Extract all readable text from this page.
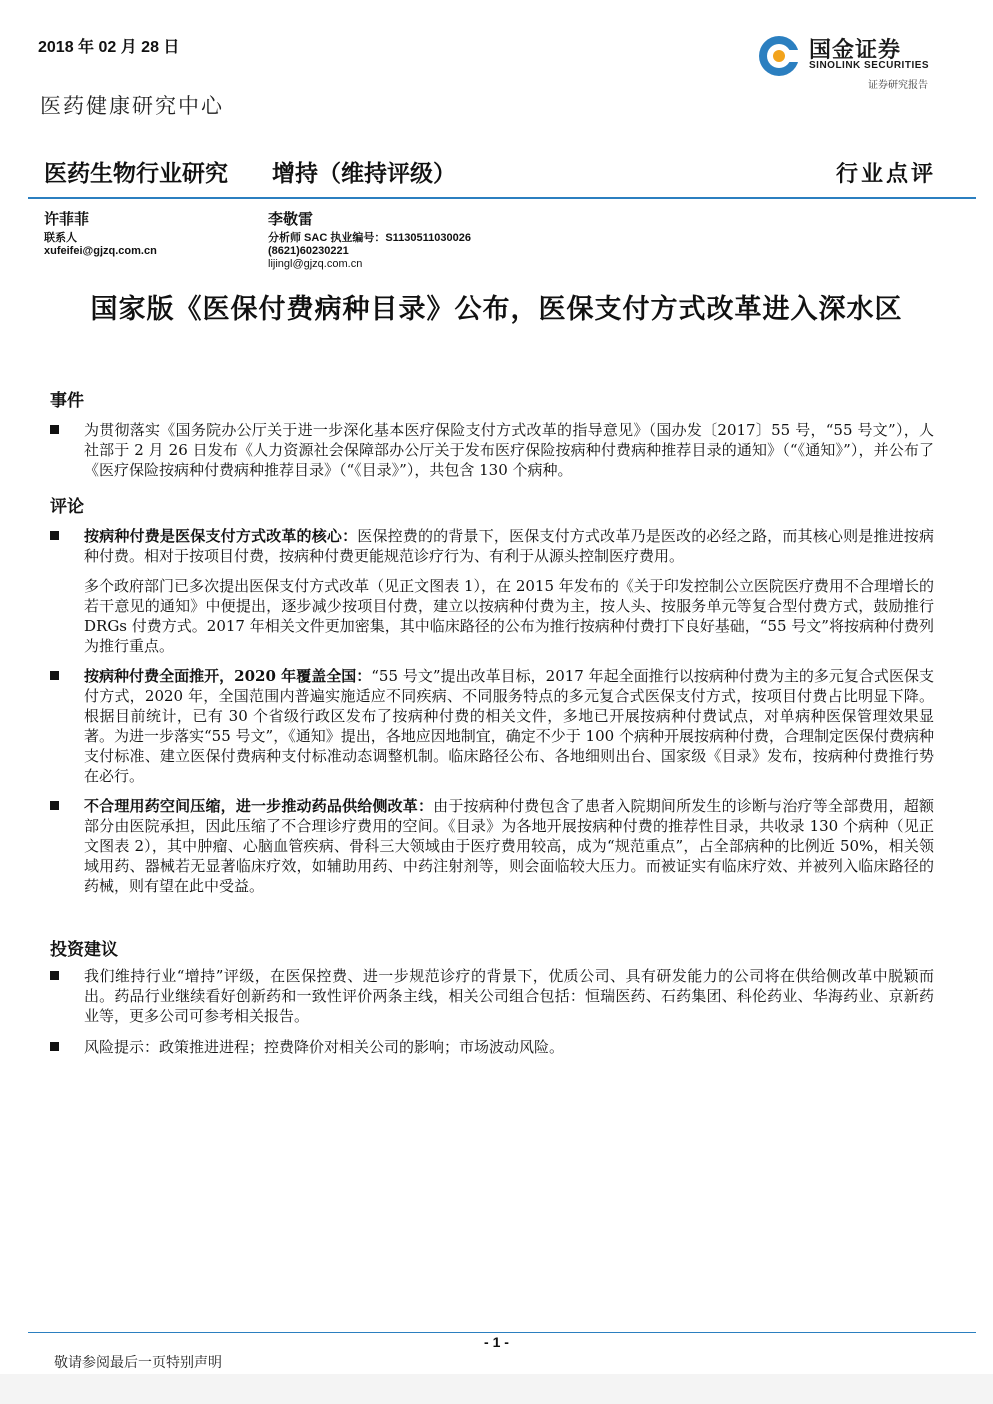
2018 年 02 月 28 日	国金证券
SINOLINK SECURITIES
证券研究报告
医药健康研究中心
医药生物行业研究 增持（维持评级）	行业点评
许菲菲
联系人
xufeifei@gjzq.com.cn
李敬雷
分析师 SAC 执业编号：S1130511030026
(8621)60230221
lijingl@gjzq.com.cn
国家版《医保付费病种目录》公布，医保支付方式改革进入深水区
事件
为贯彻落实《国务院办公厅关于进一步深化基本医疗保险支付方式改革的指导意见》（国办发〔2017〕55 号，“55 号文”），人社部于 2 月 26 日发布《人力资源社会保障部办公厅关于发布医疗保险按病种付费病种推荐目录的通知》（“《通知》”），并公布了《医疗保险按病种付费病种推荐目录》（“《目录》”），共包含 130 个病种。
评论
按病种付费是医保支付方式改革的核心：医保控费的的背景下，医保支付方式改革乃是医改的必经之路，而其核心则是推进按病种付费。相对于按项目付费，按病种付费更能规范诊疗行为、有利于从源头控制医疗费用。
多个政府部门已多次提出医保支付方式改革（见正文图表 1），在 2015 年发布的《关于印发控制公立医院医疗费用不合理增长的若干意见的通知》中便提出，逐步减少按项目付费，建立以按病种付费为主，按人头、按服务单元等复合型付费方式，鼓励推行 DRGs 付费方式。2017 年相关文件更加密集，其中临床路径的公布为推行按病种付费打下良好基础，“55 号文”将按病种付费列为推行重点。
按病种付费全面推开，2020 年覆盖全国：“55 号文”提出改革目标，2017 年起全面推行以按病种付费为主的多元复合式医保支付方式，2020 年，全国范围内普遍实施适应不同疾病、不同服务特点的多元复合式医保支付方式，按项目付费占比明显下降。根据目前统计，已有 30 个省级行政区发布了按病种付费的相关文件，多地已开展按病种付费试点，对单病种医保管理效果显著。为进一步落实“55 号文”，《通知》提出，各地应因地制宜，确定不少于 100 个病种开展按病种付费，合理制定医保付费病种支付标准、建立医保付费病种支付标准动态调整机制。临床路径公布、各地细则出台、国家级《目录》发布，按病种付费推行势在必行。
不合理用药空间压缩，进一步推动药品供给侧改革：由于按病种付费包含了患者入院期间所发生的诊断与治疗等全部费用，超额部分由医院承担，因此压缩了不合理诊疗费用的空间。《目录》为各地开展按病种付费的推荐性目录，共收录 130 个病种（见正文图表 2），其中肿瘤、心脑血管疾病、骨科三大领域由于医疗费用较高，成为“规范重点”，占全部病种的比例近 50%，相关领域用药、器械若无显著临床疗效，如辅助用药、中药注射剂等，则会面临较大压力。而被证实有临床疗效、并被列入临床路径的药械，则有望在此中受益。
投资建议
我们维持行业“增持”评级，在医保控费、进一步规范诊疗的背景下，优质公司、具有研发能力的公司将在供给侧改革中脱颖而出。药品行业继续看好创新药和一致性评价两条主线，相关公司组合包括：恒瑞医药、石药集团、科伦药业、华海药业、京新药业等，更多公司可参考相关报告。
风险提示：政策推进进程；控费降价对相关公司的影响；市场波动风险。
- 1 -
敬请参阅最后一页特别声明
